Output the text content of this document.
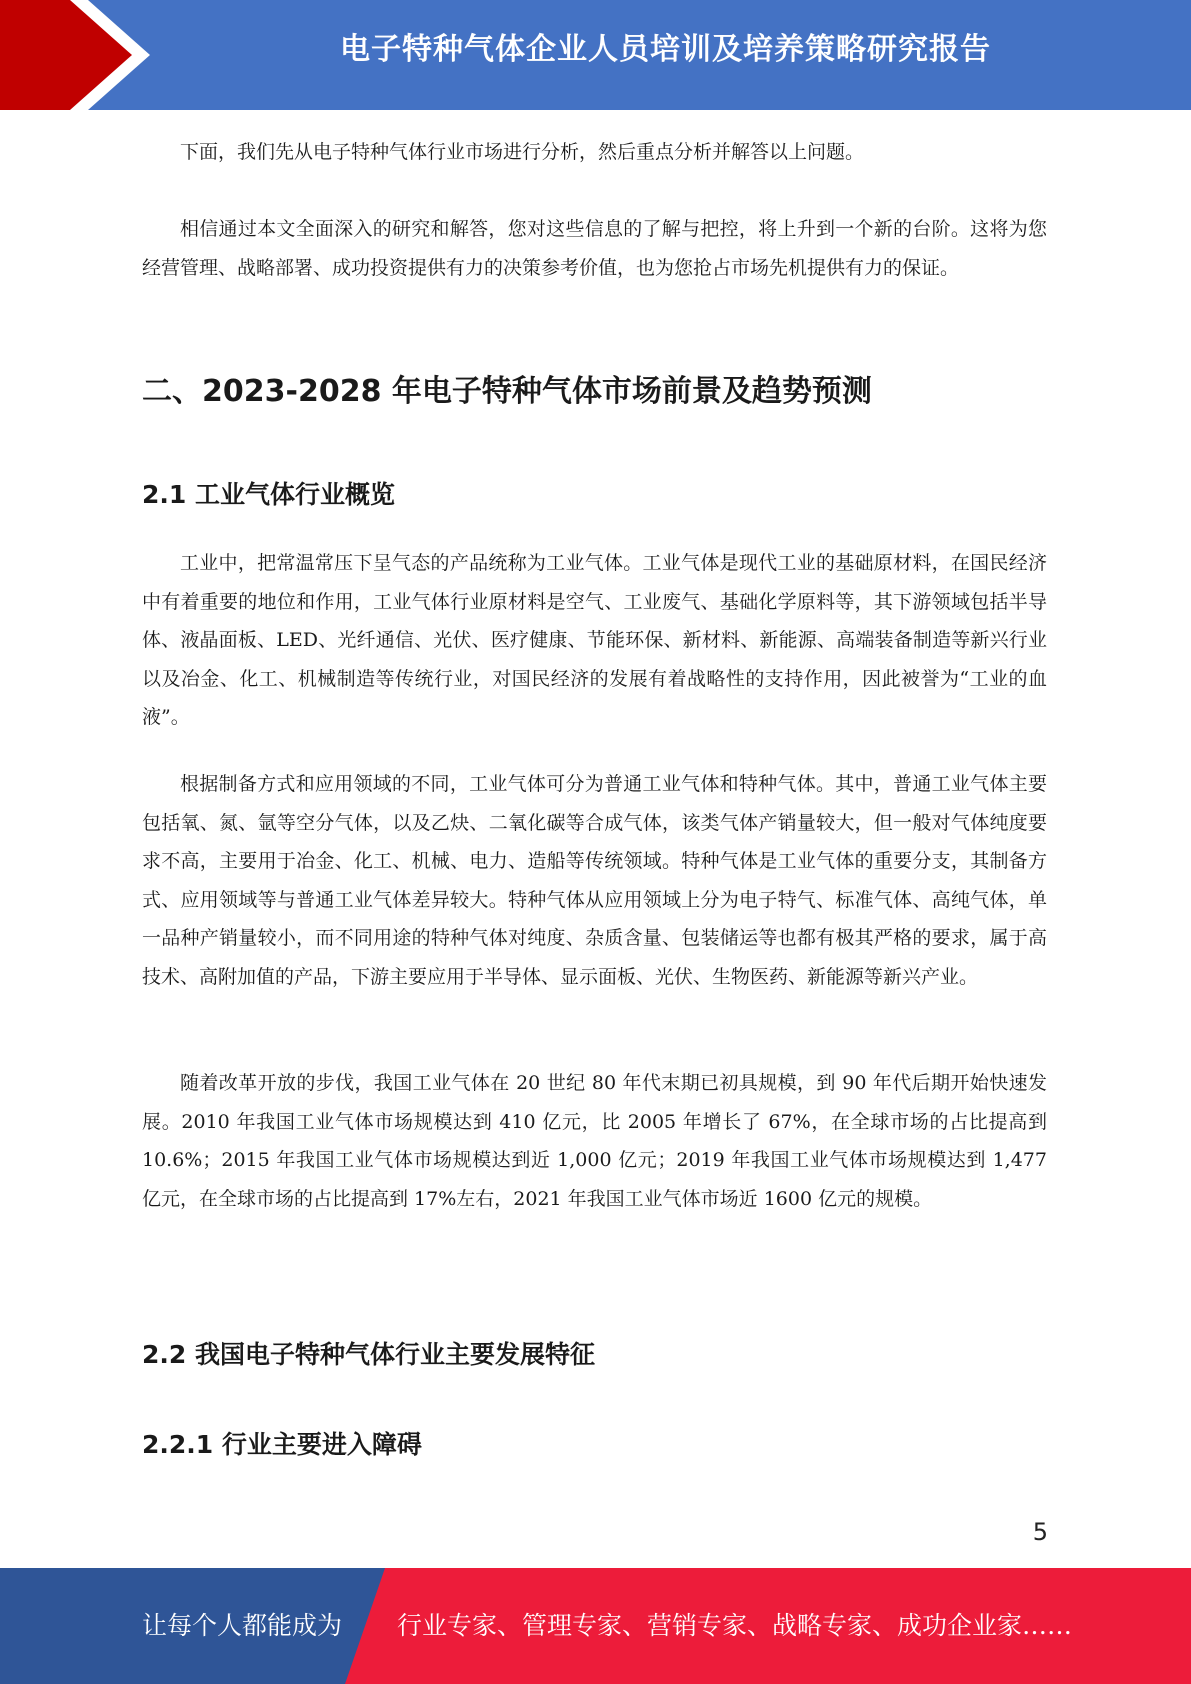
电子特种气体企业人员培训及培养策略研究报告

下面，我们先从电子特种气体行业市场进行分析，然后重点分析并解答以上问题。

相信通过本文全面深入的研究和解答，您对这些信息的了解与把控，将上升到一个新的台阶。这将为您经营管理、战略部署、成功投资提供有力的决策参考价值，也为您抢占市场先机提供有力的保证。

二、2023-2028 年电子特种气体市场前景及趋势预测
2.1 工业气体行业概览

工业中，把常温常压下呈气态的产品统称为工业气体。工业气体是现代工业的基础原材料，在国民经济中有着重要的地位和作用，工业气体行业原材料是空气、工业废气、基础化学原料等，其下游领域包括半导体、液晶面板、LED、光纤通信、光伏、医疗健康、节能环保、新材料、新能源、高端装备制造等新兴行业以及冶金、化工、机械制造等传统行业，对国民经济的发展有着战略性的支持作用，因此被誉为“工业的血液”。

根据制备方式和应用领域的不同，工业气体可分为普通工业气体和特种气体。其中，普通工业气体主要包括氧、氮、氩等空分气体，以及乙炔、二氧化碳等合成气体，该类气体产销量较大，但一般对气体纯度要求不高，主要用于冶金、化工、机械、电力、造船等传统领域。特种气体是工业气体的重要分支，其制备方式、应用领域等与普通工业气体差异较大。特种气体从应用领域上分为电子特气、标准气体、高纯气体，单一品种产销量较小，而不同用途的特种气体对纯度、杂质含量、包装储运等也都有极其严格的要求，属于高技术、高附加值的产品，下游主要应用于半导体、显示面板、光伏、生物医药、新能源等新兴产业。

随着改革开放的步伐，我国工业气体在 20 世纪 80 年代末期已初具规模，到 90 年代后期开始快速发展。2010 年我国工业气体市场规模达到 410 亿元，比 2005 年增长了 67%，在全球市场的占比提高到 10.6%；2015 年我国工业气体市场规模达到近 1,000 亿元；2019 年我国工业气体市场规模达到 1,477 亿元，在全球市场的占比提高到 17%左右，2021 年我国工业气体市场近 1600 亿元的规模。

2.2 我国电子特种气体行业主要发展特征
2.2.1 行业主要进入障碍
5
让每个人都能成为 行业专家、管理专家、营销专家、战略专家、成功企业家……
